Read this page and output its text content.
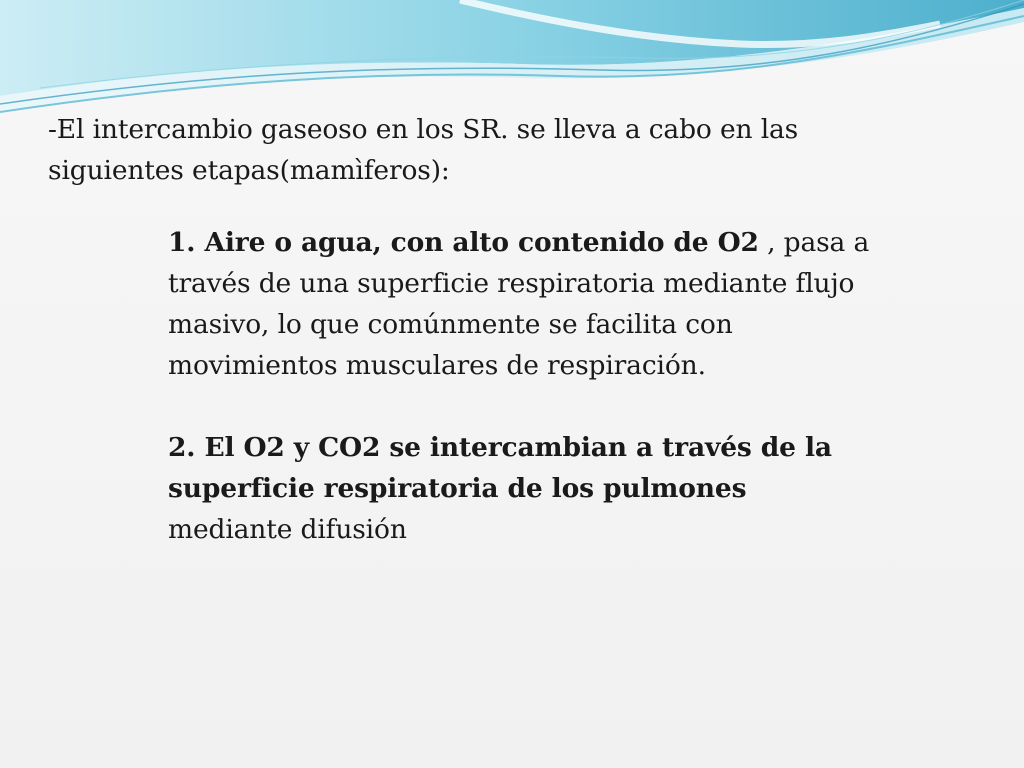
-El intercambio gaseoso en los SR. se lleva a cabo en las
siguientes etapas(mamìferos):
1. Aire o agua, con alto contenido de O2 , pasa a
través de una superficie respiratoria mediante flujo
masivo, lo que comúnmente se facilita con
movimientos musculares de respiración.
2. El O2 y CO2 se intercambian a través de la
superficie respiratoria de los pulmones
mediante difusión
